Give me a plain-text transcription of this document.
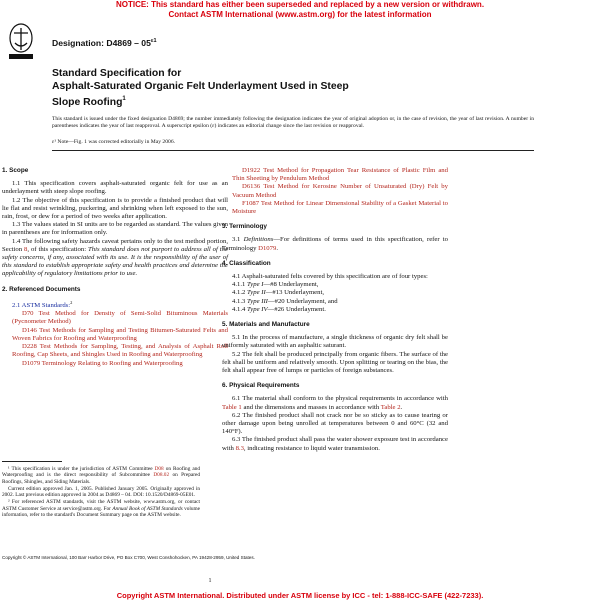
NOTICE: This standard has either been superseded and replaced by a new version or withdrawn.
Contact ASTM International (www.astm.org) for the latest information
Designation: $D4869 - 05^{\varepsilon 1}$
Standard Specification for
Asphalt-Saturated Organic Felt Underlayment Used in Steep
Slope Roofing$^1$
This standard is issued under the fixed designation D4869; the number immediately following the designation indicates the year of original adoption or, in the case of revision, the year of last revision. A number in parentheses indicates the year of last reapproval. A superscript epsilon (ε) indicates an editorial change since the last revision or reapproval.
ε¹ Note—Fig. 1 was corrected editorially in May 2006.
1. Scope

1.1 This specification covers asphalt-saturated organic felt for use as an underlayment with steep slope roofing.

1.2 The objective of this specification is to provide a finished product that will lie flat and resist wrinkling, puckering, and shrinking when left exposed to the sun, rain, frost, or dew for a period of two weeks after application.

1.3 The values stated in SI units are to be regarded as standard. The values given in parentheses are for information only.

1.4 The following safety hazards caveat pertains only to the test method portion, Section 8, of this specification: This standard does not purport to address all of the safety concerns, if any, associated with its use. It is the responsibility of the user of this standard to establish appropriate safety and health practices and determine the applicability of regulatory limitations prior to use.

2. Referenced Documents

2.1 ASTM Standards:$^2$

D70 Test Method for Density of Semi-Solid Bituminous Materials (Pycnometer Method)

D146 Test Methods for Sampling and Testing Bitumen-Saturated Felts and Woven Fabrics for Roofing and Waterproofing

D228 Test Methods for Sampling, Testing, and Analysis of Asphalt Roll Roofing, Cap Sheets, and Shingles Used in Roofing and Waterproofing

D1079 Terminology Relating to Roofing and Waterproofing

D1922 Test Method for Propagation Tear Resistance of Plastic Film and Thin Sheeting by Pendulum Method

D6136 Test Method for Kerosine Number of Unsaturated (Dry) Felt by Vacuum Method

F1087 Test Method for Linear Dimensional Stability of a Gasket Material to Moisture

3. Terminology

3.1 Definitions—For definitions of terms used in this specification, refer to Terminology D1079.

4. Classification

4.1 Asphalt-saturated felts covered by this specification are of four types:

4.1.1 Type I—#8 Underlayment,

4.1.2 Type II—#13 Underlayment,

4.1.3 Type III—#20 Underlayment, and

4.1.4 Type IV—#26 Underlayment.

5. Materials and Manufacture

5.1 In the process of manufacture, a single thickness of organic dry felt shall be uniformly saturated with an asphaltic saturant.

5.2 The felt shall be produced principally from organic fibers. The surface of the felt shall be uniform and relatively smooth. Upon splitting or tearing on the bias, the felt shall appear free of lumps or particles of foreign substances.

6. Physical Requirements

6.1 The material shall conform to the physical requirements in accordance with Table 1 and the dimensions and masses in accordance with Table 2.

6.2 The finished product shall not crack nor be so sticky as to cause tearing or other damage upon being unrolled at temperatures between 0 and 60°C (32 and 140°F).

6.3 The finished product shall pass the water shower exposure test in accordance with 8.3, indicating resistance to liquid water transmission.

¹ This specification is under the jurisdiction of ASTM Committee D08 on Roofing and Waterproofing and is the direct responsibility of Subcommittee D08.02 on Prepared Roofings, Shingles, and Siding Materials.

Current edition approved Jan. 1, 2005. Published January 2005. Originally approved in 2002. Last previous edition approved in 2004 as D4869 – 04. DOI: 10.1520/D4869-05E01.

² For referenced ASTM standards, visit the ASTM website, www.astm.org, or contact ASTM Customer Service at service@astm.org. For Annual Book of ASTM Standards volume information, refer to the standard's Document Summary page on the ASTM website.

Copyright © ASTM International, 100 Barr Harbor Drive, PO Box C700, West Conshohocken, PA 19428-2959, United States.
1
Copyright ASTM International. Distributed under ASTM license by ICC - tel: 1-888-ICC-SAFE (422-7233).
